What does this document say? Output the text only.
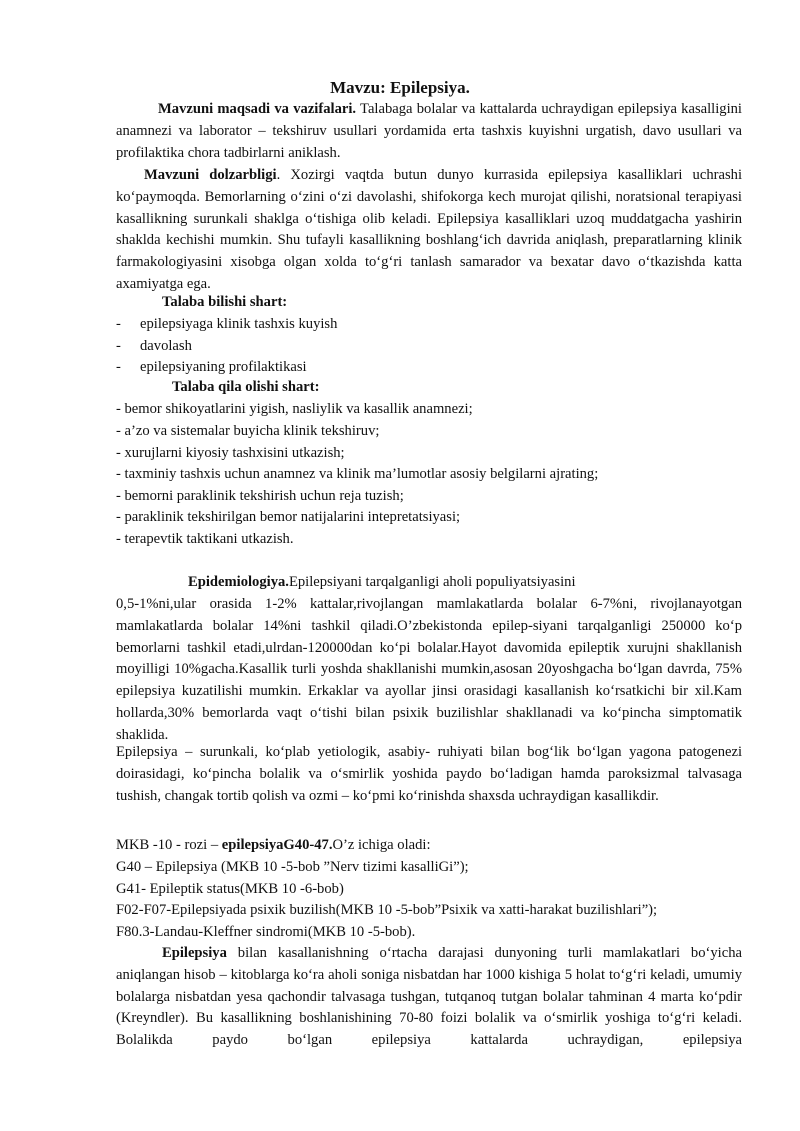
Mavzu: Epilepsiya.
Mavzuni maqsadi va vazifalari. Talabaga bolalar va kattalarda uchraydigan epilepsiya kasalligini anamnezi va laborator – tekshiruv usullari yordamida erta tashxis kuyishni urgatish, davo usullari va profilaktika chora tadbirlarni aniklash.
Mavzuni dolzarbligi. Xozirgi vaqtda butun dunyo kurrasida epilepsiya kasalliklari uchrashi ko‘paymoqda. Bemorlarning o‘zini o‘zi davolashi, shifokorga kech murojat qilishi, noratsional terapiyasi kasallikning surunkali shaklga o‘tishiga olib keladi. Epilepsiya kasalliklari uzoq muddatgacha yashirin shaklda kechishi mumkin. Shu tufayli kasallikning boshlang‘ich davrida aniqlash, preparatlarning klinik farmakologiyasini xisobga olgan xolda to‘g‘ri tanlash samarador va bexatar davo o‘tkazishda katta axamiyatga ega.
Talaba bilishi shart:
- epilepsiyaga klinik tashxis kuyish
- davolash
- epilepsiyaning profilaktikasi
Talaba qila olishi shart:
- bemor shikoyatlarini yigish, nasliylik va kasallik anamnezi;
- a’zo va sistemalar buyicha klinik tekshiruv;
- xurujlarni kiyosiy tashxisini utkazish;
- taxminiy tashxis uchun anamnez va klinik ma’lumotlar asosiy belgilarni ajrating;
- bemorni paraklinik tekshirish uchun reja tuzish;
- paraklinik tekshirilgan bemor natijalarini intepretatsiyasi;
- terapevtik taktikani utkazish.
Epidemiologiya.Epilepsiyani tarqalganligi aholi populiyatsiyasini
0,5-1%ni,ular orasida 1-2% kattalar,rivojlangan mamlakatlarda bolalar 6-7%ni, rivojlanayotgan mamlakatlarda bolalar 14%ni tashkil qiladi.O’zbekistonda epilep-siyani tarqalganligi 250000 ko‘p bemorlarni tashkil etadi,ulrdan-120000dan ko‘pi bolalar.Hayot davomida epileptik xurujni shakllanish moyilligi 10%gacha.Kasallik turli yoshda shakllanishi mumkin,asosan 20yoshgacha bo‘lgan davrda, 75% epilepsiya kuzatilishi mumkin. Erkaklar va ayollar jinsi orasidagi kasallanish ko‘rsatkichi bir xil.Kam hollarda,30% bemorlarda vaqt o‘tishi bilan psixik buzilishlar shakllanadi va ko‘pincha simptomatik shaklida.
Epilepsiya – surunkali, ko‘plab yetiologik, asabiy- ruhiyati bilan bog‘lik bo‘lgan yagona patogenezi doirasidagi, ko‘pincha bolalik va o‘smirlik yoshida paydo bo‘ladigan hamda paroksizmal talvasaga tushish, changak tortib qolish va ozmi – ko‘pmi ko‘rinishda shaxsda uchraydigan kasallikdir.
MKB -10 - rozi – epilepsiyaG40-47.O’z ichiga oladi:
G40 – Epilepsiya (MKB 10 -5-bob ”Nerv tizimi kasalliGi”);
G41- Epileptik status(MKB 10 -6-bob)
F02-F07-Epilepsiyada psixik buzilish(MKB 10 -5-bob”Psixik va xatti-harakat buzilishlari”);
F80.3-Landau-Kleffner sindromi(MKB 10 -5-bob).
Epilepsiya bilan kasallanishning o‘rtacha darajasi dunyoning turli mamlakatlari bo‘yicha aniqlangan hisob – kitoblarga ko‘ra aholi soniga nisbatdan har 1000 kishiga 5 holat to‘g‘ri keladi, umumiy bolalarga nisbatdan yesa qachondir talvasaga tushgan, tutqanoq tutgan bolalar tahminan 4 marta ko‘pdir (Kreyndler). Bu kasallikning boshlanishining 70-80 foizi bolalik va o‘smirlik yoshiga to‘g‘ri keladi. Bolalikda paydo bo‘lgan epilepsiya kattalarda uchraydigan, epilepsiya
